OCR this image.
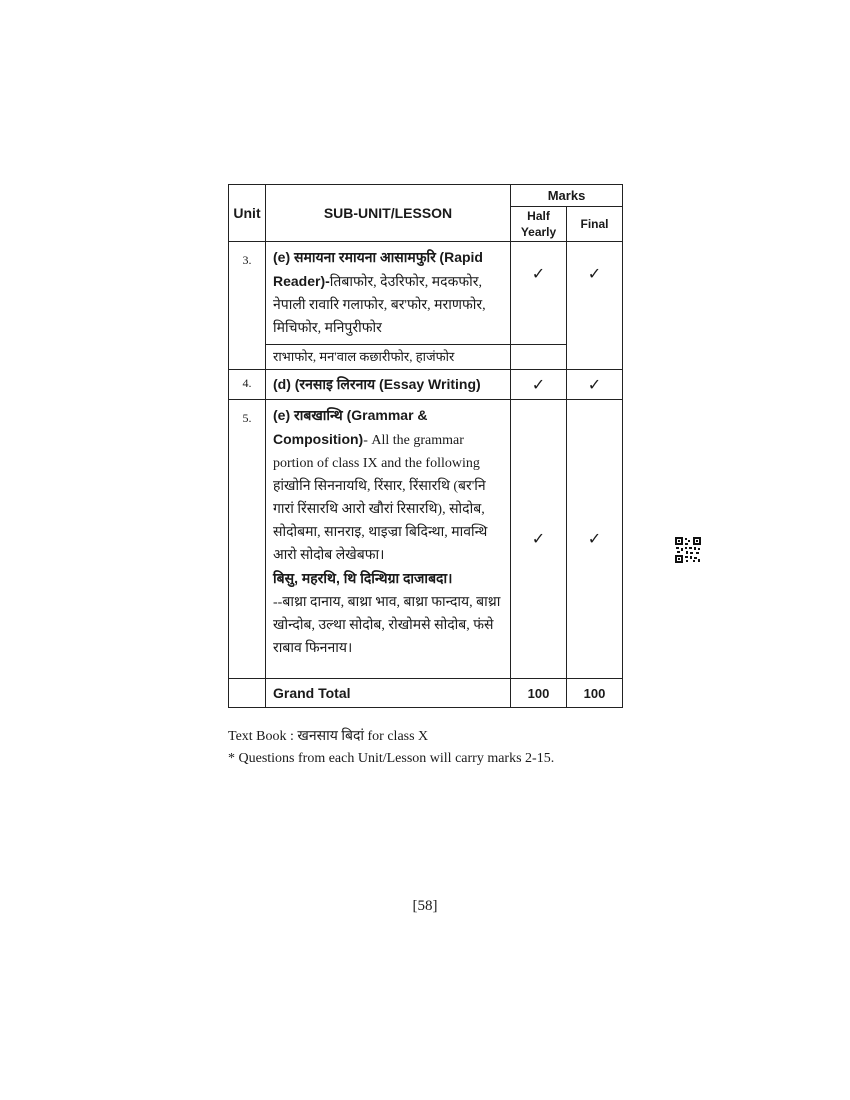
Unit	SUB-UNIT/LESSON	Marks	
		Half Yearly	Final
3.	(e) समायना रमायना आसामफुरि (Rapid Reader)-तिबाफोर, देउरिफोर, मदकफोर, नेपाली रावारि गलाफोर, बर'फोर, मराणफोर, मिचिफोर, मनिपुरीफोर	✓	✓
	राभाफोर, मन'वाल कछारीफोर, हाजंफोर		
4.	(d) (रनसाइ लिरनाय (Essay Writing)	✓	✓
5.	(e) राबखान्थि (Grammar & Composition)- All the grammar portion of class IX and the following हांखोनि सिननायथि, रिंसार, रिंसारथि (बर'नि गारां रिंसारथि आरो खौरां रिसारथि), सोदोब, सोदोबमा, सानराइ, थाइज्रा बिदिन्था, मावन्थि आरो सोदोब लेखेबफा।
बिसु, महरथि, थि दिन्थिग्रा दाजाबदा।
--बाथ्रा दानाय, बाथ्रा भाव, बाथ्रा फान्दाय, बाथ्रा खोन्दोब, उल्था सोदोब, रोखोमसे सोदोब, फंसे राबाव फिननाय।	✓	✓
	Grand Total	100	100
Text Book : खनसाय बिदां for class X
* Questions from each Unit/Lesson will carry marks 2-15.
[58]
